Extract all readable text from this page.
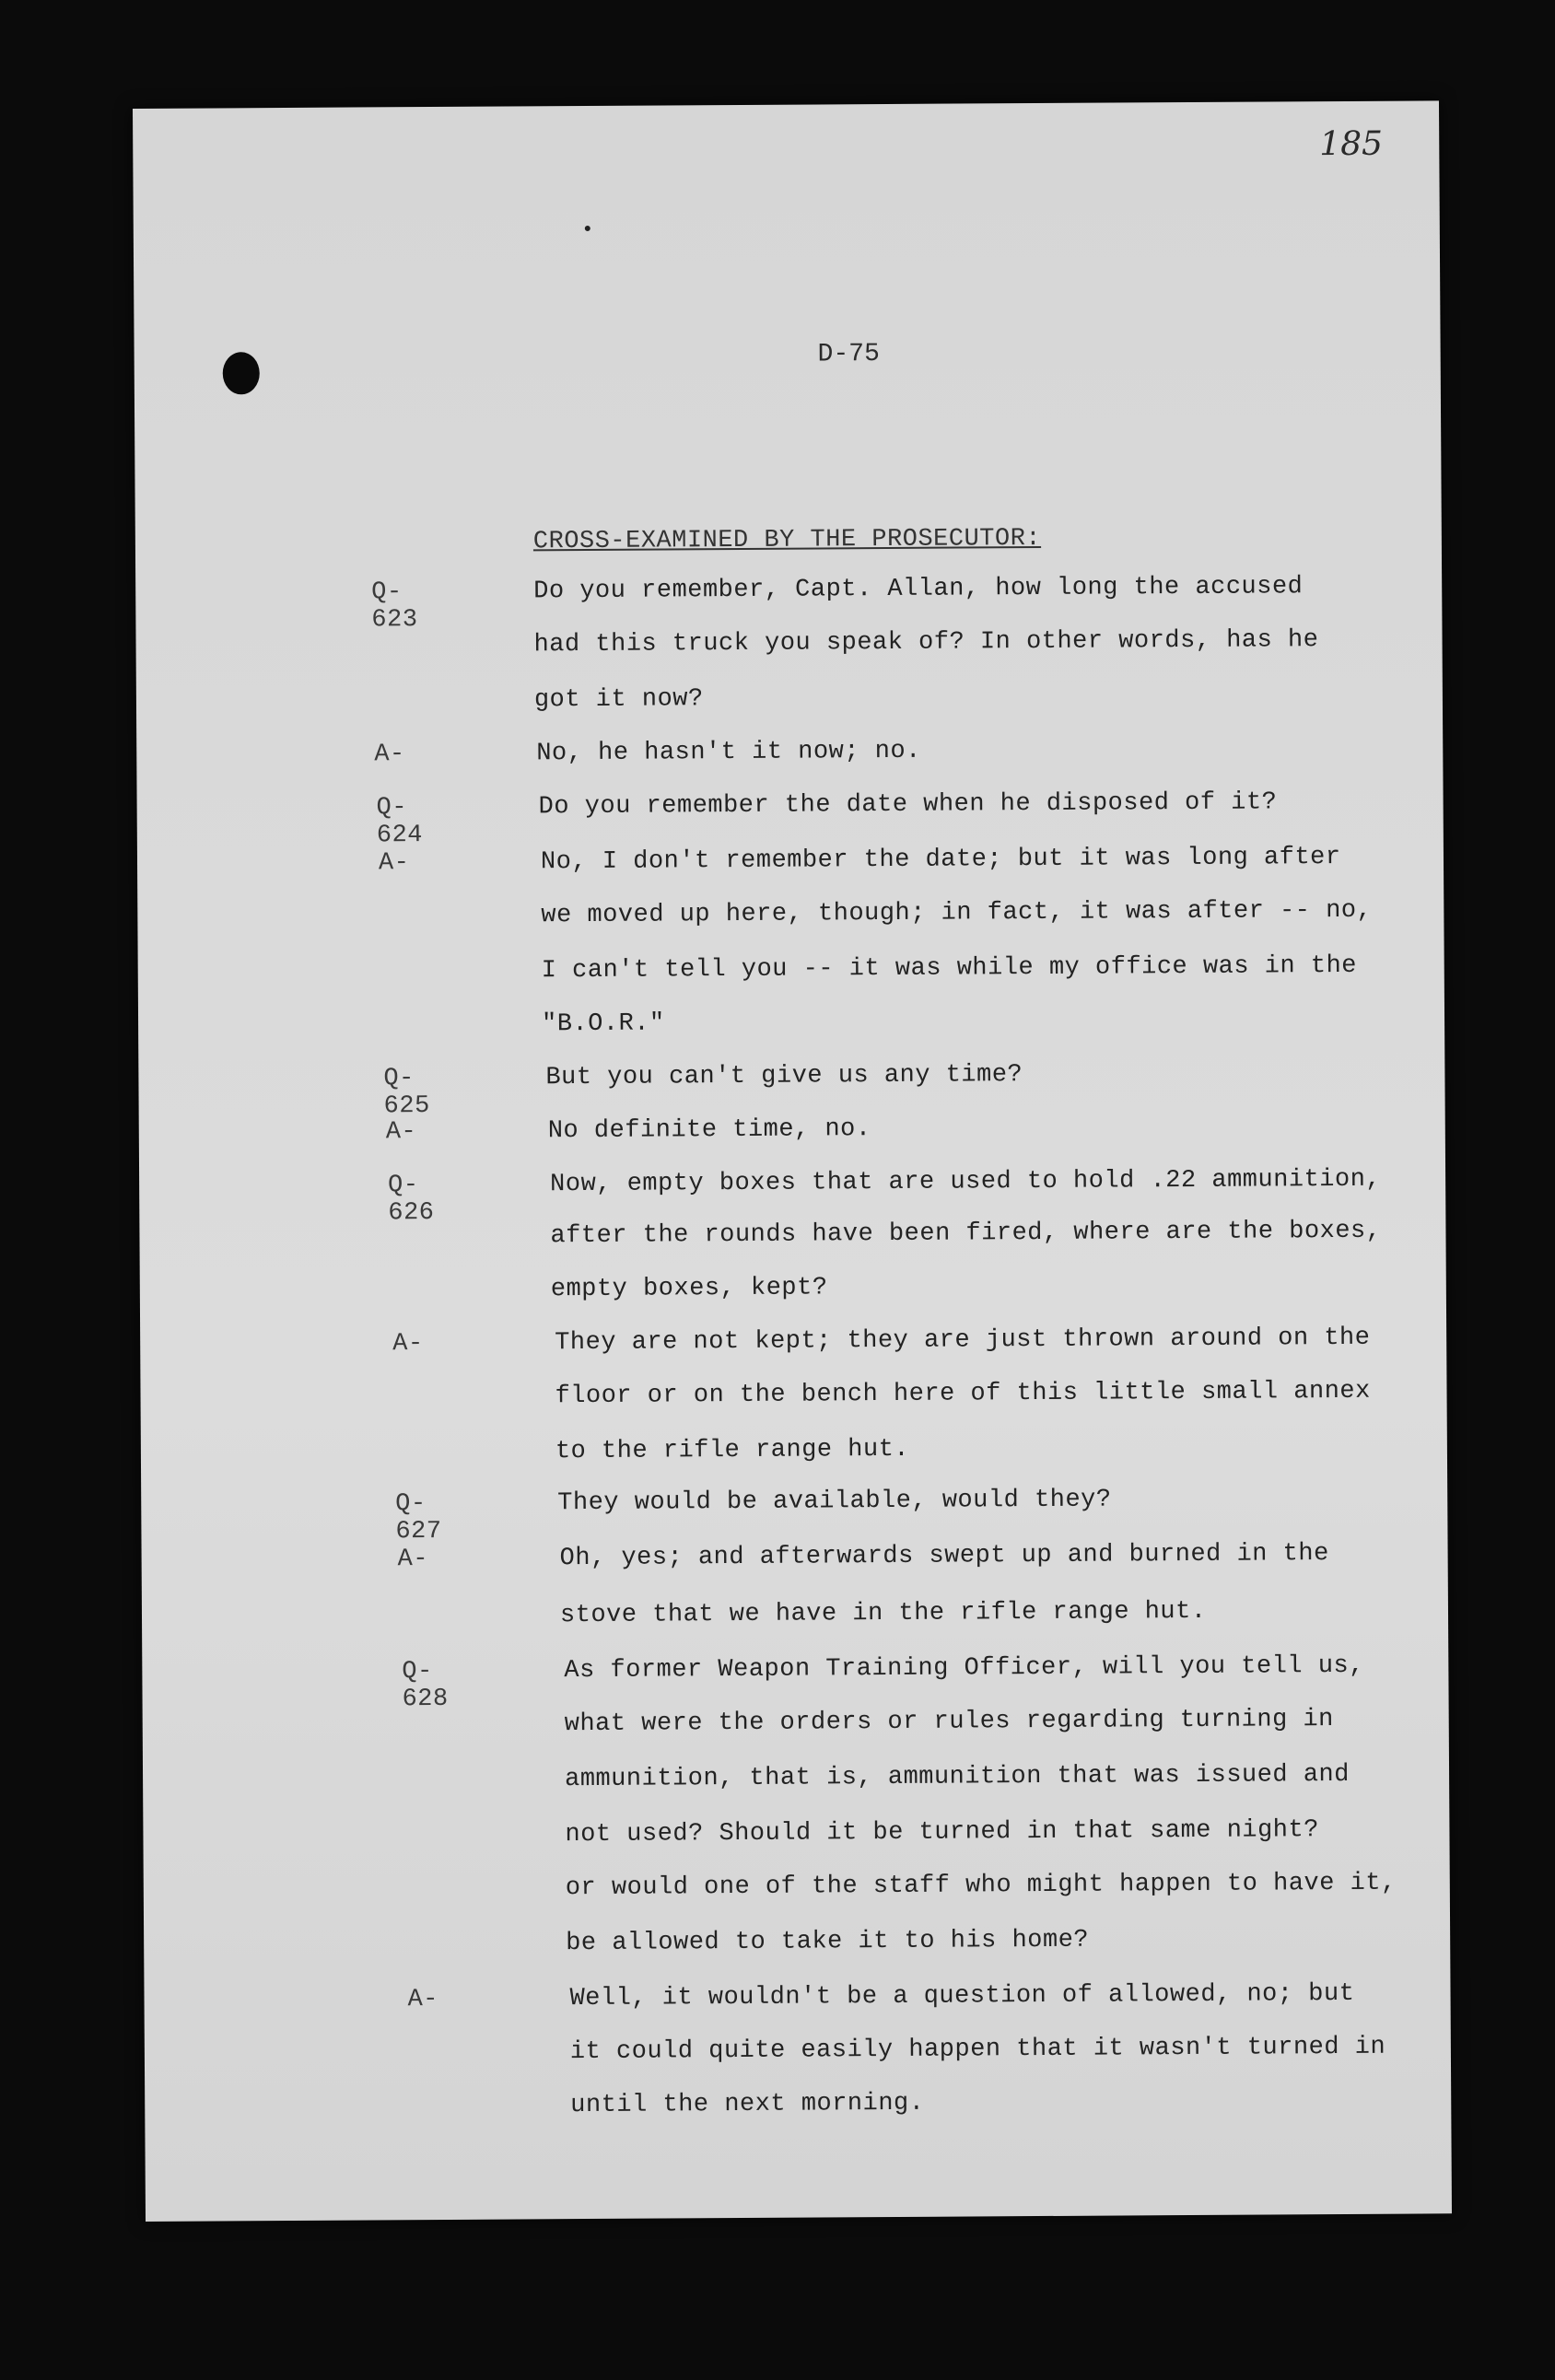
185
D-75
CROSS-EXAMINED BY THE PROSECUTOR:
Q-623
Do you remember, Capt. Allan, how long the accused
had this truck you speak of? In other words, has he
got it now?
A-	No, he hasn't it now; no.
Q-624
Do you remember the date when he disposed of it?
A-	No, I don't remember the date; but it was long after
we moved up here, though; in fact, it was after -- no,
I can't tell you -- it was while my office was in the
"B.O.R."
Q-625
But you can't give us any time?
A-	No definite time, no.
Q-626
Now, empty boxes that are used to hold .22 ammunition,
after the rounds have been fired, where are the boxes,
empty boxes, kept?
A-	They are not kept; they are just thrown around on the
floor or on the bench here of this little small annex
to the rifle range hut.
Q-627
They would be available, would they?
A-	Oh, yes; and afterwards swept up and burned in the
stove that we have in the rifle range hut.
Q-628
As former Weapon Training Officer, will you tell us,
what were the orders or rules regarding turning in
ammunition, that is, ammunition that was issued and
not used? Should it be turned in that same night?
or would one of the staff who might happen to have it,
be allowed to take it to his home?
A-	Well, it wouldn't be a question of allowed, no; but
it could quite easily happen that it wasn't turned in
until the next morning.
